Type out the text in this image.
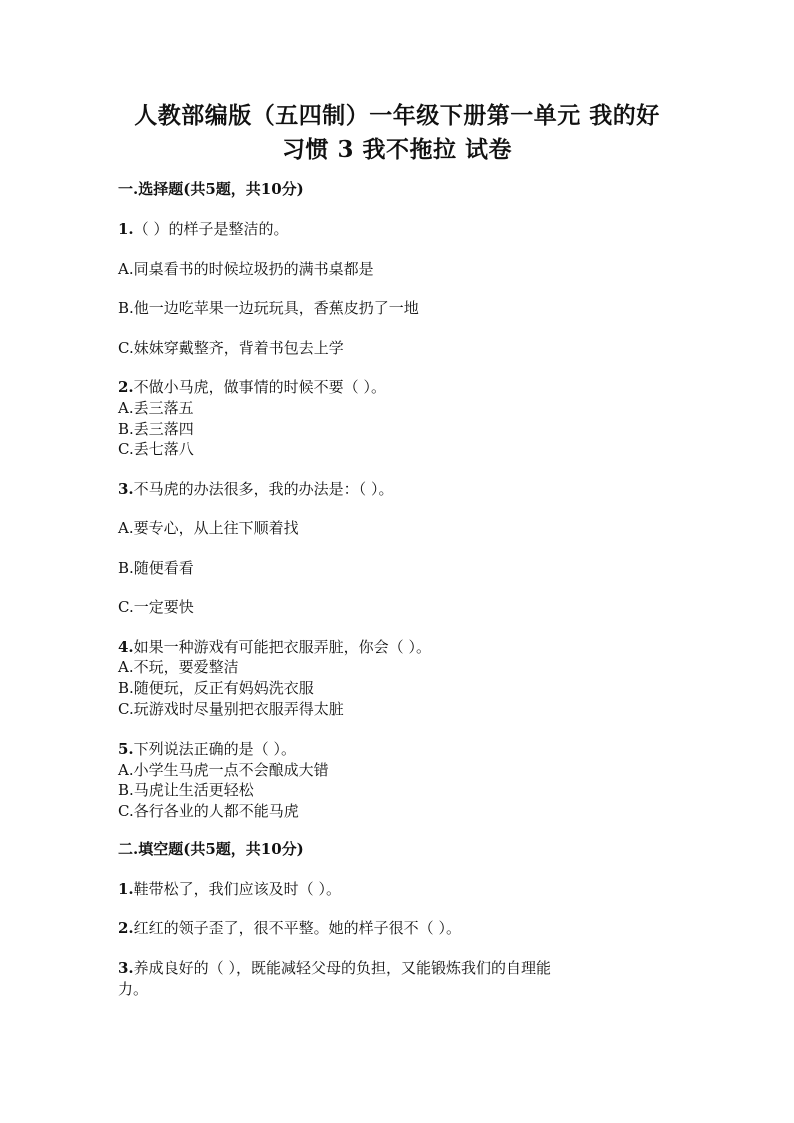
人教部编版（五四制）一年级下册第一单元 我的好
习惯 3 我不拖拉 试卷
一.选择题(共5题，共10分)
1.（ ）的样子是整洁的。
A.同桌看书的时候垃圾扔的满书桌都是
B.他一边吃苹果一边玩玩具，香蕉皮扔了一地
C.妹妹穿戴整齐，背着书包去上学
2.不做小马虎，做事情的时候不要（ ）。
A.丢三落五
B.丢三落四
C.丢七落八
3.不马虎的办法很多，我的办法是：（ ）。
A.要专心，从上往下顺着找
B.随便看看
C.一定要快
4.如果一种游戏有可能把衣服弄脏，你会（ ）。
A.不玩，要爱整洁
B.随便玩，反正有妈妈洗衣服
C.玩游戏时尽量别把衣服弄得太脏
5.下列说法正确的是（ ）。
A.小学生马虎一点不会酿成大错
B.马虎让生活更轻松
C.各行各业的人都不能马虎
二.填空题(共5题，共10分)
1.鞋带松了，我们应该及时（ ）。
2.红红的领子歪了，很不平整。她的样子很不（ ）。
3.养成良好的（ ），既能减轻父母的负担，又能锻炼我们的自理能
力。
